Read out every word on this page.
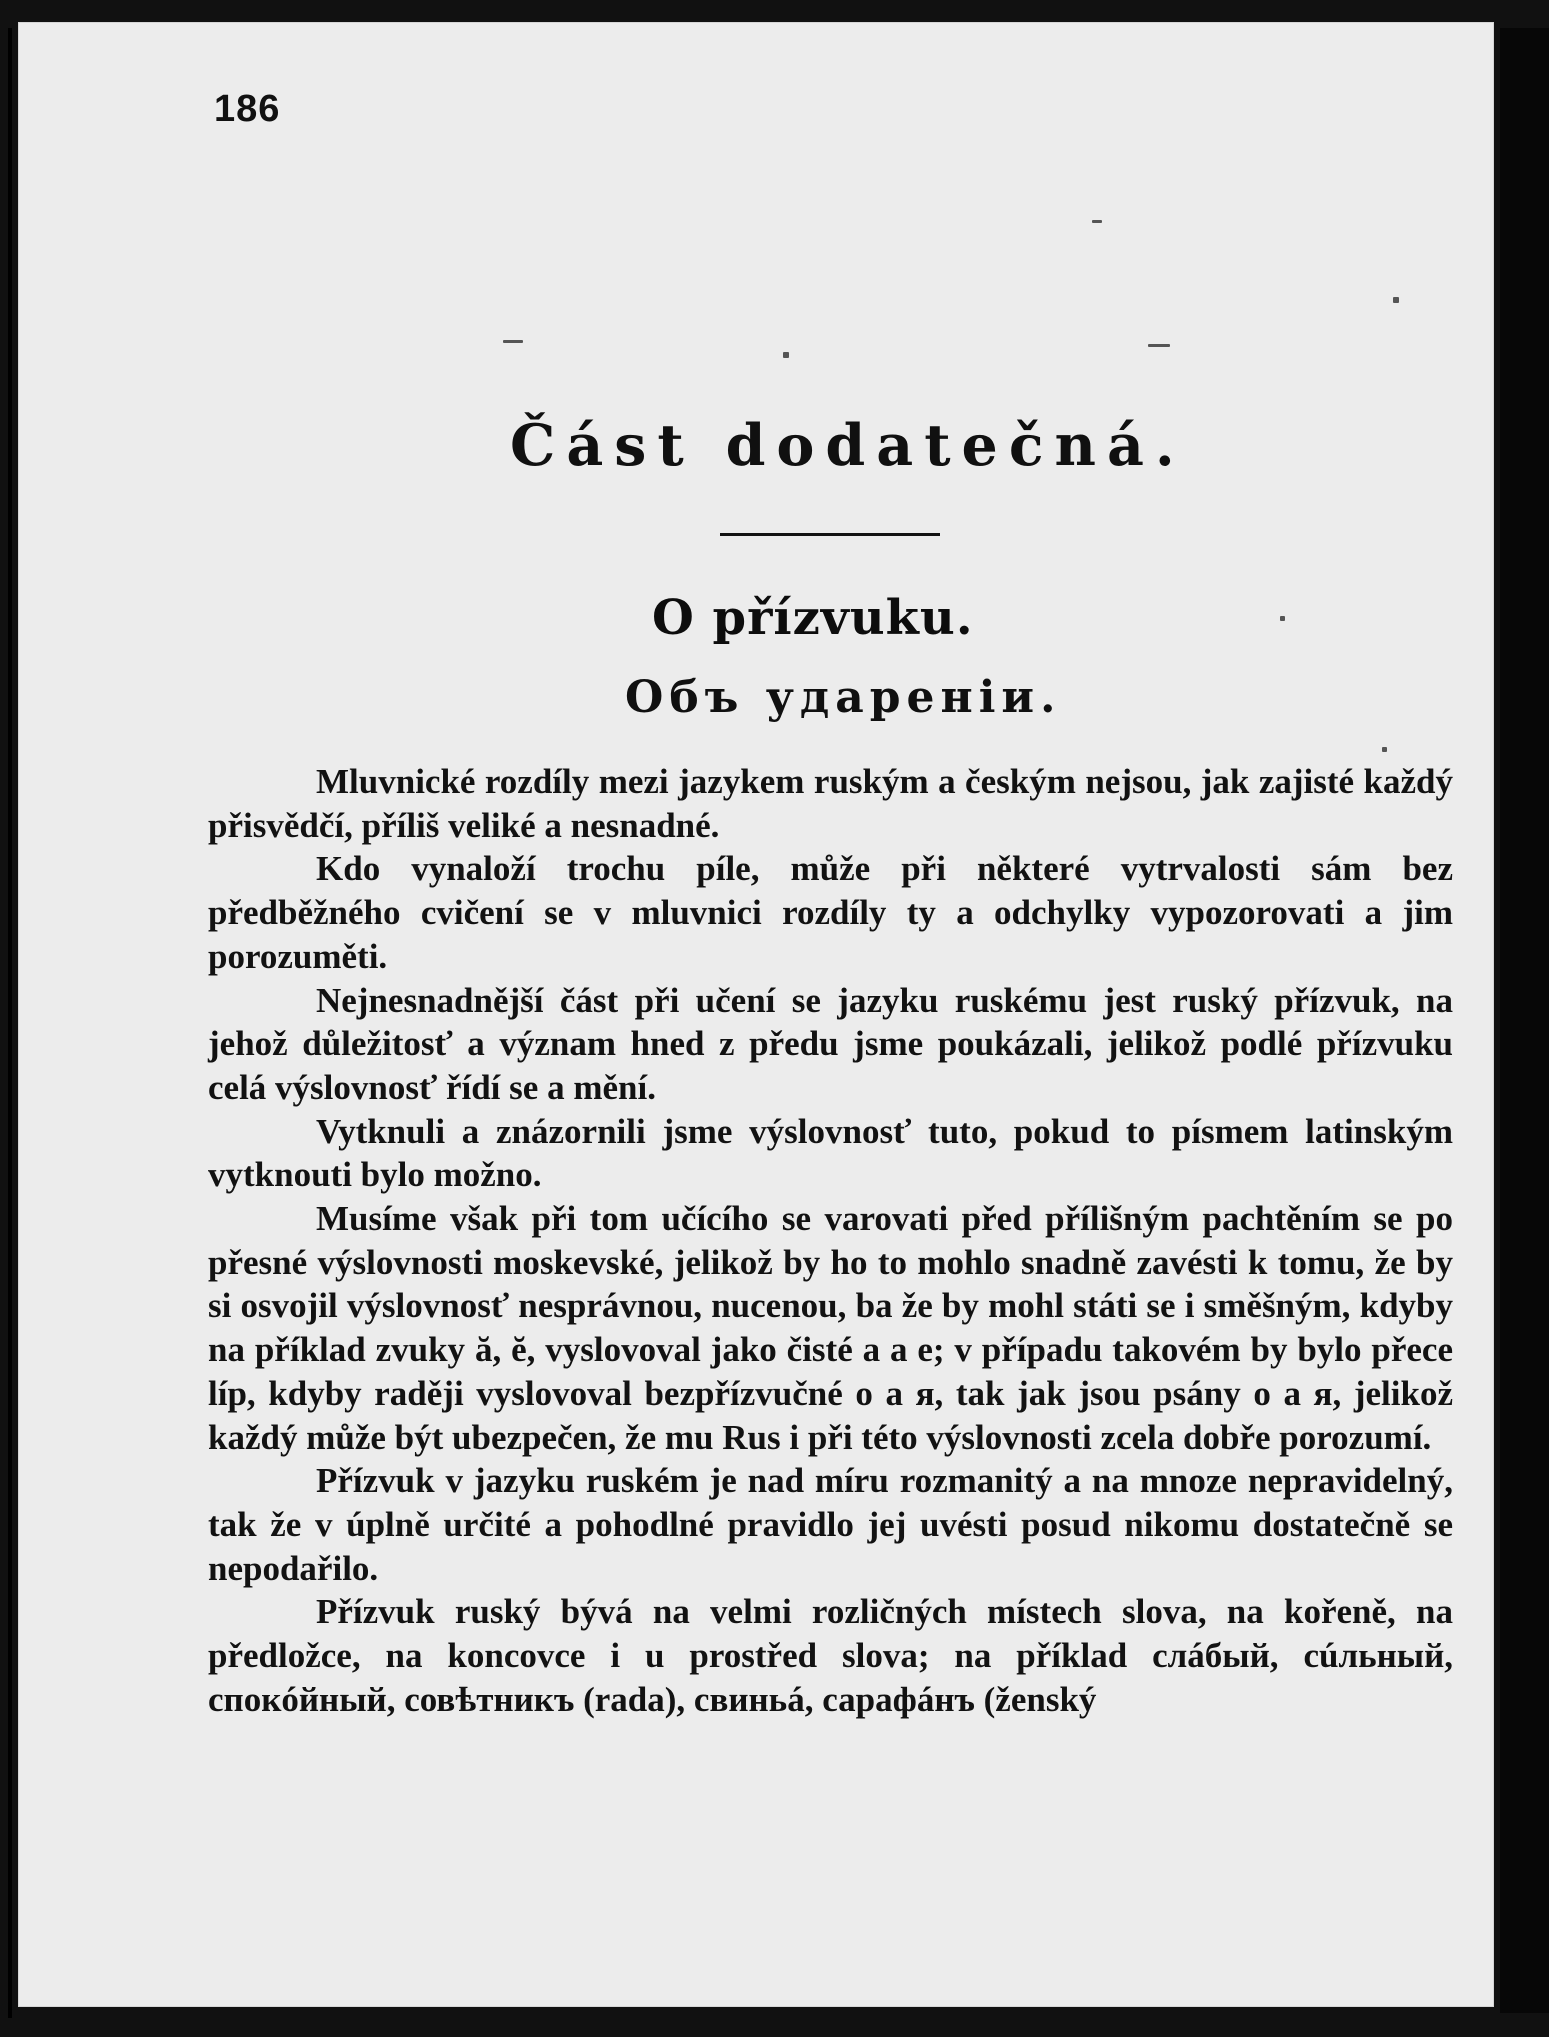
186
Část dodatečná.
O přízvuku.
Объ ударенiи.

Mluvnické rozdíly mezi jazykem ruským a českým nejsou, jak zajisté každý přisvědčí, příliš veliké a nesnadné.

Kdo vynaloží trochu píle, může při některé vytrvalosti sám bez předběžného cvičení se v mluvnici rozdíly ty a odchylky vypozorovati a jim porozuměti.

Nejnesnadnější část při učení se jazyku ruskému jest ruský přízvuk, na jehož důležitosť a význam hned z předu jsme poukázali, jelikož podlé přízvuku celá výslovnosť řídí se a mění.

Vytknuli a znázornili jsme výslovnosť tuto, pokud to písmem latinským vytknouti bylo možno.

Musíme však při tom učícího se varovati před přílišným pachtěním se po přesné výslovnosti moskevské, jelikož by ho to mohlo snadně zavésti k tomu, že by si osvojil výslovnosť nesprávnou, nucenou, ba že by mohl státi se i směšným, kdyby na příklad zvuky ă, ĕ, vyslovoval jako čisté a a e; v případu takovém by bylo přece líp, kdyby raději vyslovoval bezpřízvučné o a я, tak jak jsou psány o a я, jelikož každý může být ubezpečen, že mu Rus i při této výslovnosti zcela dobře porozumí.

Přízvuk v jazyku ruském je nad míru rozmanitý a na mnoze nepravidelný, tak že v úplně určité a pohodlné pravidlo jej uvésti posud nikomu dostatečně se nepodařilo.

Přízvuk ruský bývá na velmi rozličných místech slova, na kořeně, na předložce, na koncovce i u prostřed slova; na příklad слáбый, сúльный, спокóйный, совѣтникъ (rada), свиньá, сарафáнъ (ženský
